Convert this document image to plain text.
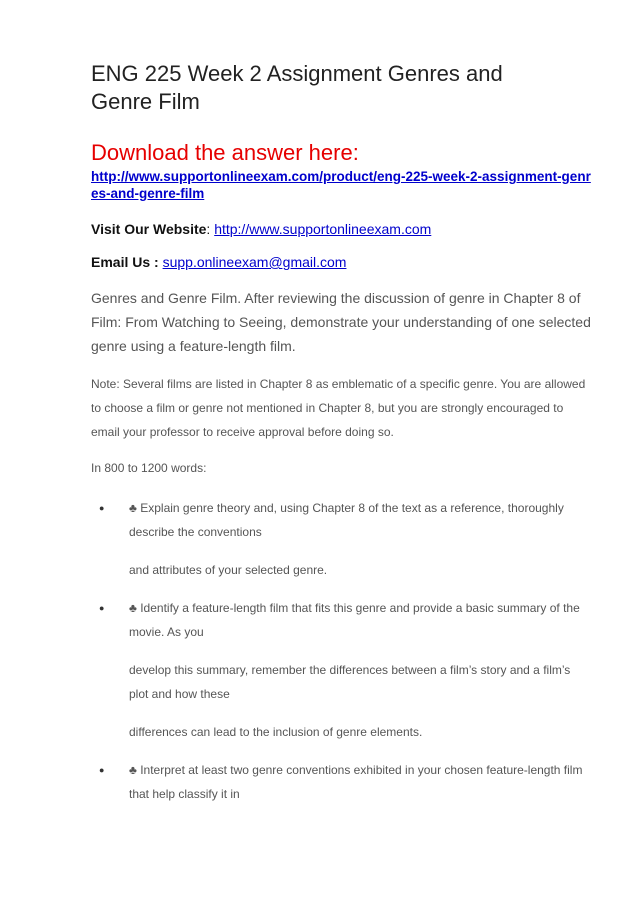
ENG 225 Week 2 Assignment Genres and
Genre Film
Download the answer here:
http://www.supportonlineexam.com/product/eng-225-week-2-assignment-genres-and-genre-film

Visit Our Website: http://www.supportonlineexam.com

Email Us : supp.onlineexam@gmail.com

Genres and Genre Film. After reviewing the discussion of genre in Chapter 8 of Film: From Watching to Seeing, demonstrate your understanding of one selected genre using a feature-length film.

Note: Several films are listed in Chapter 8 as emblematic of a specific genre. You are allowed to choose a film or genre not mentioned in Chapter 8, but you are strongly encouraged to email your professor to receive approval before doing so.

In 800 to 1200 words:

● ♣ Explain genre theory and, using Chapter 8 of the text as a reference, thoroughly describe the conventions

and attributes of your selected genre.

● ♣ Identify a feature-length film that fits this genre and provide a basic summary of the movie. As you

develop this summary, remember the differences between a film’s story and a film’s plot and how these

differences can lead to the inclusion of genre elements.

● ♣ Interpret at least two genre conventions exhibited in your chosen feature-length film that help classify it in
